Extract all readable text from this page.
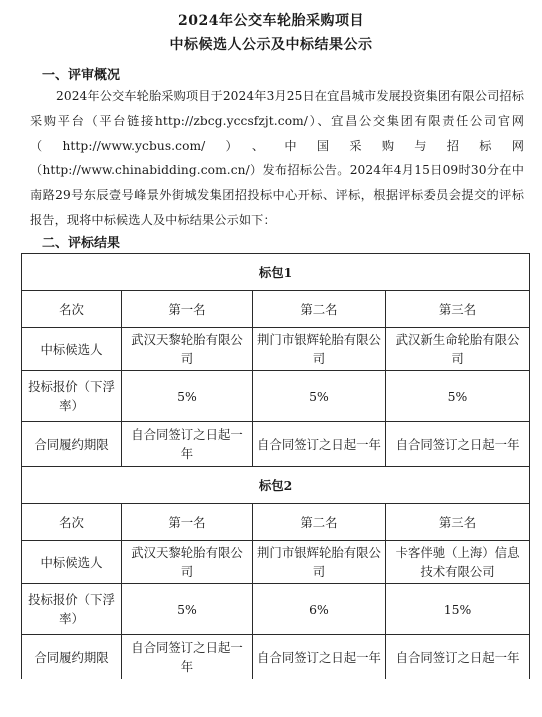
2024年公交车轮胎采购项目
中标候选人公示及中标结果公示
一、评审概况
2024年公交车轮胎采购项目于2024年3月25日在宜昌城市发展投资集团有限公司招标采购平台（平台链接http://zbcg.yccsfzjt.com/）、宜昌公交集团有限责任公司官网（http://www.ycbus.com/）、中国采购与招标网（http://www.chinabidding.com.cn/）发布招标公告。2024年4月15日09时30分在中南路29号东辰壹号峰景外街城发集团招投标中心开标、评标，根据评标委员会提交的评标报告，现将中标候选人及中标结果公示如下：
二、评标结果
标包1			
名次	第一名	第二名	第三名
中标候选人	武汉天黎轮胎有限公司	荆门市银辉轮胎有限公司	武汉新生命轮胎有限公司
投标报价（下浮率）	5%	5%	5%
合同履约期限	自合同签订之日起一年	自合同签订之日起一年	自合同签订之日起一年
标包2			
名次	第一名	第二名	第三名
中标候选人	武汉天黎轮胎有限公司	荆门市银辉轮胎有限公司	卡客伴驰（上海）信息技术有限公司
投标报价（下浮率）	5%	6%	15%
合同履约期限	自合同签订之日起一年	自合同签订之日起一年	自合同签订之日起一年
